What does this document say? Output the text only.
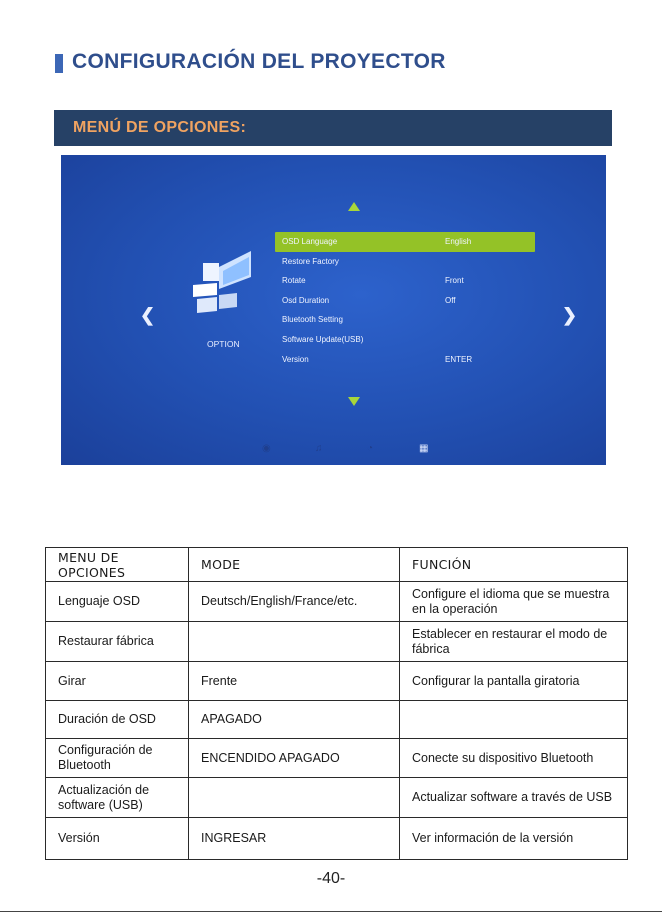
CONFIGURACIÓN DEL PROYECTOR
MENÚ DE OPCIONES:
❮	❯
OPTION
OSD Language	English
Restore Factory
Rotate	Front
Osd Duration	Off
Bluetooth Setting
Software Update(USB)
Version	ENTER
◉	♫	◔	▦
MENU DE OPCIONES	MODE	FUNCIÓN
Lenguaje OSD	Deutsch/English/France/etc.	Configure el idioma que se muestra en la operación
Restaurar fábrica		Establecer en restaurar el modo de fábrica
Girar	Frente	Configurar la pantalla giratoria
Duración de OSD	APAGADO	
Configuración de Bluetooth	ENCENDIDO APAGADO	Conecte su dispositivo Bluetooth
Actualización de software (USB)		Actualizar software a través de USB
Versión	INGRESAR	Ver información de la versión
-40-
